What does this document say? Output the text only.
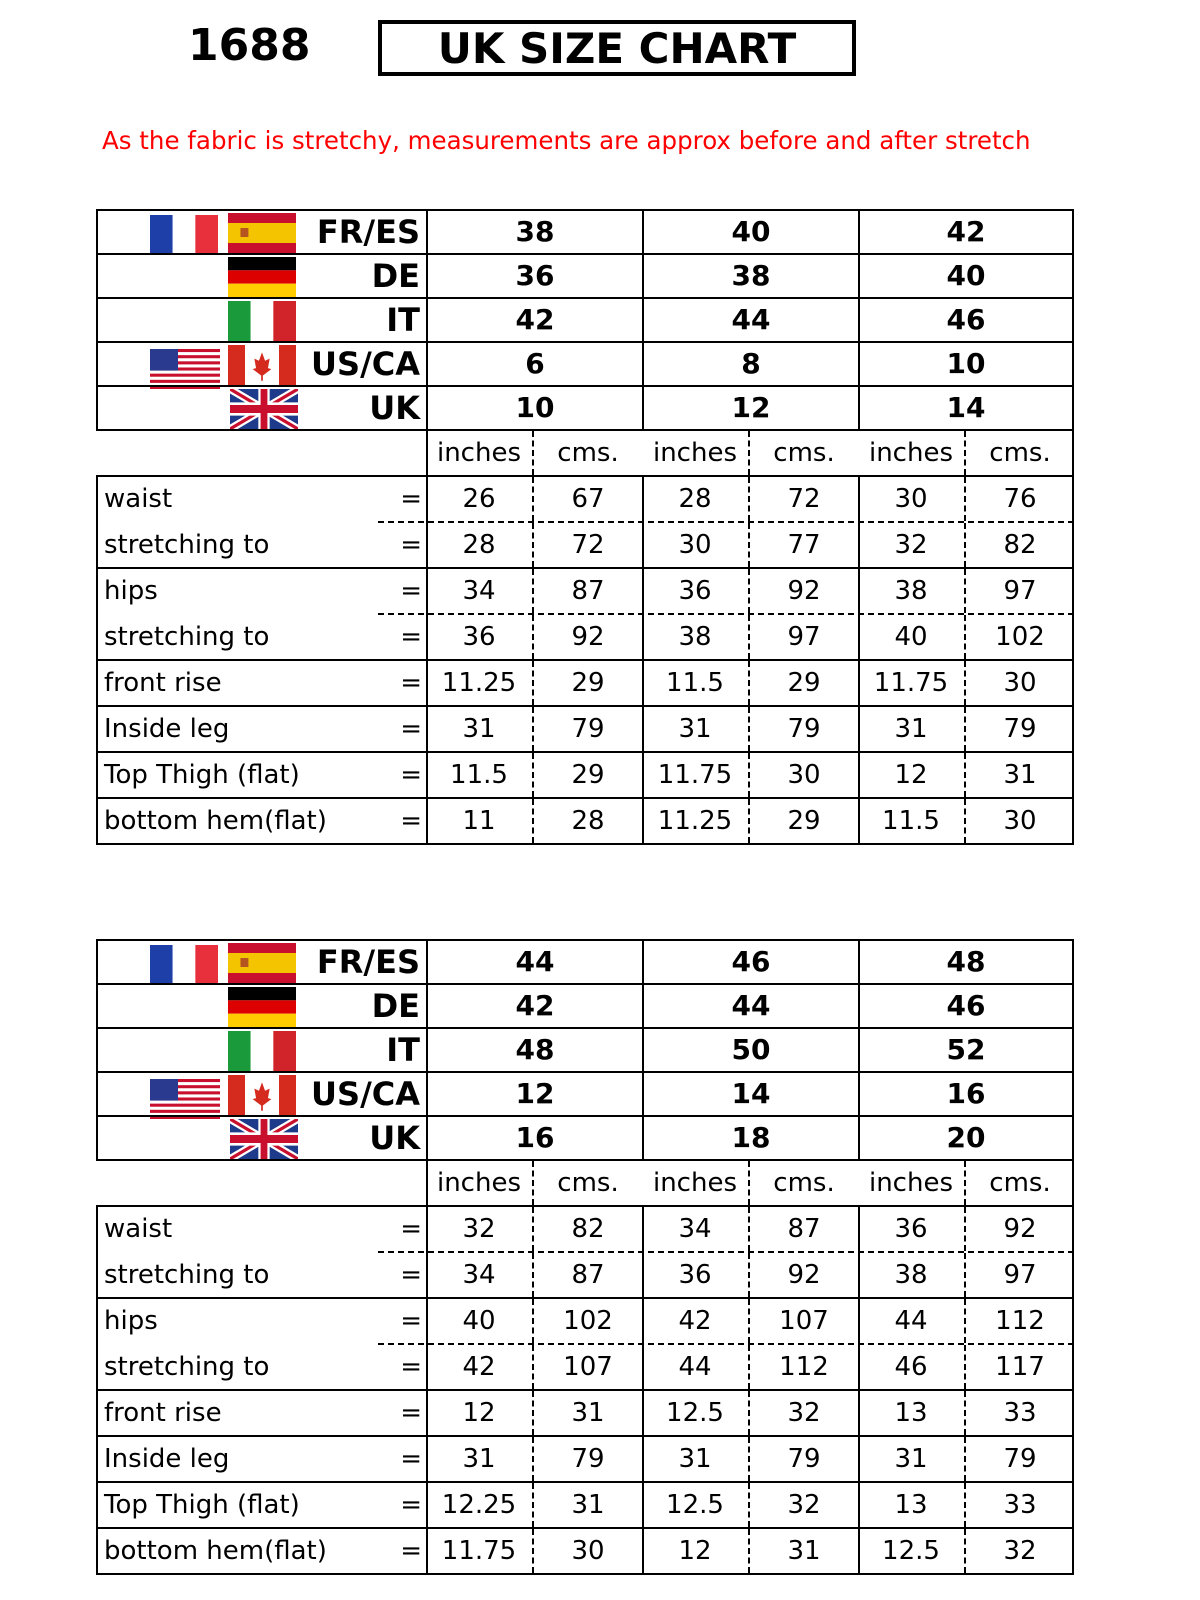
1688	UK SIZE CHART
As the fabric is stretchy, measurements are approx before and after stretch
FR/ES	38	40	42
DE	36	38	40
IT	42	44	46
US/CA	6	8	10
UK	10	12	14
inches	cms.	inches	cms.	inches	cms.
waist	=	26	67	28	72	30	76
stretching to	=	28	72	30	77	32	82
hips	=	34	87	36	92	38	97
stretching to	=	36	92	38	97	40	102
front rise	= 11.25	29	11.5	29	11.75	30
Inside leg	=	31	79	31	79	31	79
Top Thigh (flat)	=	11.5	29	11.75	30	12	31
bottom hem(flat)	=	11	28	11.25	29	11.5	30
FR/ES	44	46	48
DE	42	44	46
IT	48	50	52
US/CA	12	14	16
UK	16	18	20
inches	cms.	inches	cms.	inches	cms.
waist	=	32	82	34	87	36	92
stretching to	=	34	87	36	92	38	97
hips	=	40	102	42	107	44	112
stretching to	=	42	107	44	112	46	117
front rise	=	12	31	12.5	32	13	33
Inside leg	=	31	79	31	79	31	79
Top Thigh (flat)	= 12.25	31	12.5	32	13	33
bottom hem(flat)	= 11.75	30	12	31	12.5	32
